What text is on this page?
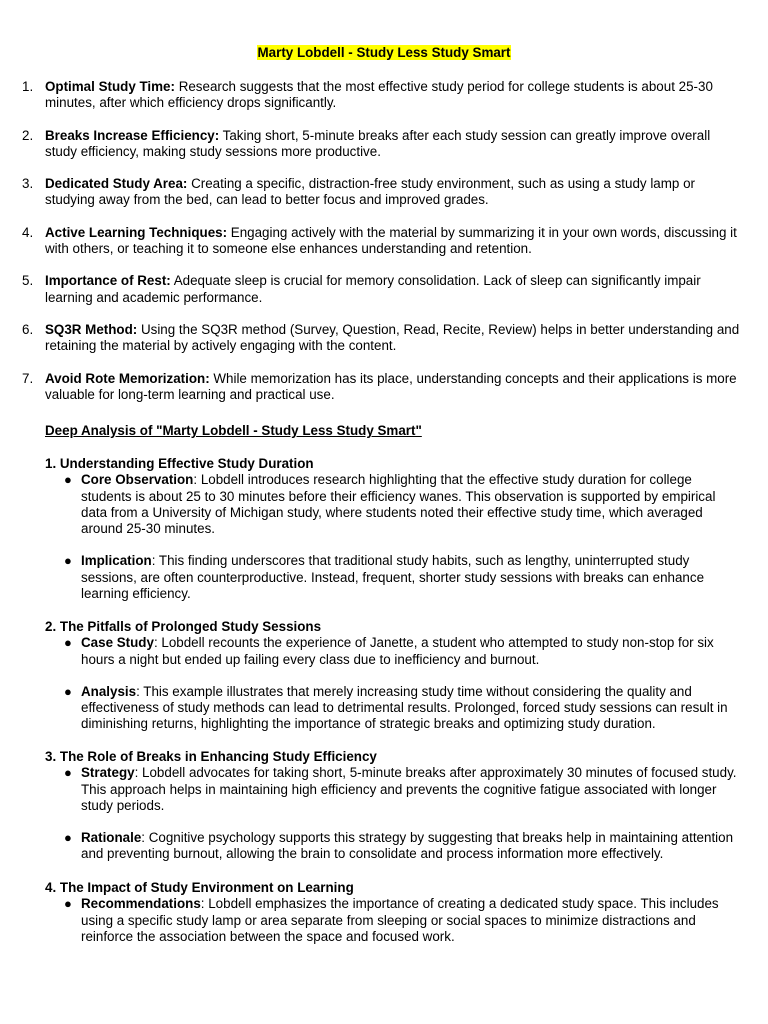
Marty Lobdell - Study Less Study Smart
1. Optimal Study Time: Research suggests that the most effective study period for college students is about 25-30 minutes, after which efficiency drops significantly.
2. Breaks Increase Efficiency: Taking short, 5-minute breaks after each study session can greatly improve overall study efficiency, making study sessions more productive.
3. Dedicated Study Area: Creating a specific, distraction-free study environment, such as using a study lamp or studying away from the bed, can lead to better focus and improved grades.
4. Active Learning Techniques: Engaging actively with the material by summarizing it in your own words, discussing it with others, or teaching it to someone else enhances understanding and retention.
5. Importance of Rest: Adequate sleep is crucial for memory consolidation. Lack of sleep can significantly impair learning and academic performance.
6. SQ3R Method: Using the SQ3R method (Survey, Question, Read, Recite, Review) helps in better understanding and retaining the material by actively engaging with the content.
7. Avoid Rote Memorization: While memorization has its place, understanding concepts and their applications is more valuable for long-term learning and practical use.
Deep Analysis of "Marty Lobdell - Study Less Study Smart"
1. Understanding Effective Study Duration
● Core Observation: Lobdell introduces research highlighting that the effective study duration for college students is about 25 to 30 minutes before their efficiency wanes. This observation is supported by empirical data from a University of Michigan study, where students noted their effective study time, which averaged around 25-30 minutes.
● Implication: This finding underscores that traditional study habits, such as lengthy, uninterrupted study sessions, are often counterproductive. Instead, frequent, shorter study sessions with breaks can enhance learning efficiency.
2. The Pitfalls of Prolonged Study Sessions
● Case Study: Lobdell recounts the experience of Janette, a student who attempted to study non-stop for six hours a night but ended up failing every class due to inefficiency and burnout.
● Analysis: This example illustrates that merely increasing study time without considering the quality and effectiveness of study methods can lead to detrimental results. Prolonged, forced study sessions can result in diminishing returns, highlighting the importance of strategic breaks and optimizing study duration.
3. The Role of Breaks in Enhancing Study Efficiency
● Strategy: Lobdell advocates for taking short, 5-minute breaks after approximately 30 minutes of focused study. This approach helps in maintaining high efficiency and prevents the cognitive fatigue associated with longer study periods.
● Rationale: Cognitive psychology supports this strategy by suggesting that breaks help in maintaining attention and preventing burnout, allowing the brain to consolidate and process information more effectively.
4. The Impact of Study Environment on Learning
● Recommendations: Lobdell emphasizes the importance of creating a dedicated study space. This includes using a specific study lamp or area separate from sleeping or social spaces to minimize distractions and reinforce the association between the space and focused work.
